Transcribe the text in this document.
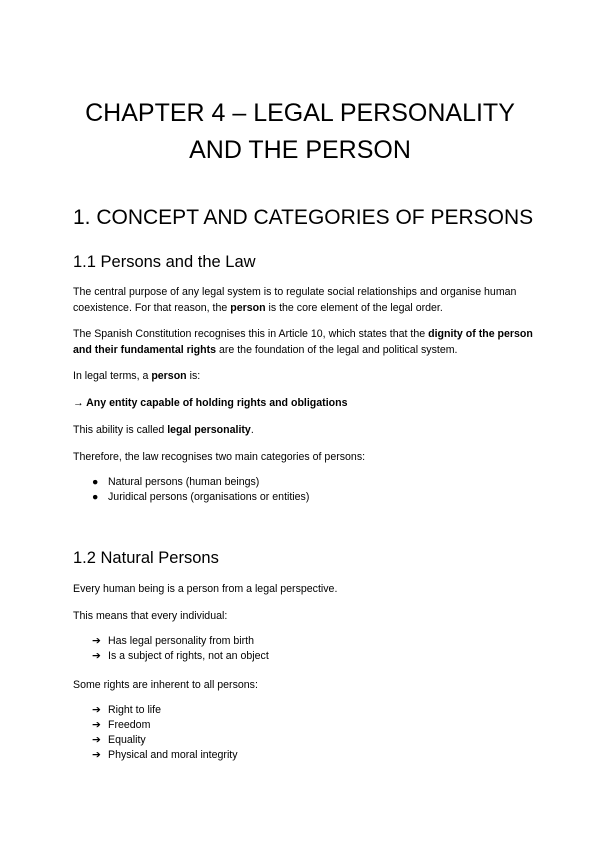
CHAPTER 4 – LEGAL PERSONALITY
AND THE PERSON
1. CONCEPT AND CATEGORIES OF PERSONS
1.1 Persons and the Law

The central purpose of any legal system is to regulate social relationships and organise human coexistence. For that reason, the person is the core element of the legal order.

The Spanish Constitution recognises this in Article 10, which states that the dignity of the person and their fundamental rights are the foundation of the legal and political system.

In legal terms, a person is:

→ Any entity capable of holding rights and obligations

This ability is called legal personality.

Therefore, the law recognises two main categories of persons:

● Natural persons (human beings)
● Juridical persons (organisations or entities)
1.2 Natural Persons

Every human being is a person from a legal perspective.

This means that every individual:

➔ Has legal personality from birth
➔ Is a subject of rights, not an object

Some rights are inherent to all persons:

➔ Right to life
➔ Freedom
➔ Equality
➔ Physical and moral integrity
